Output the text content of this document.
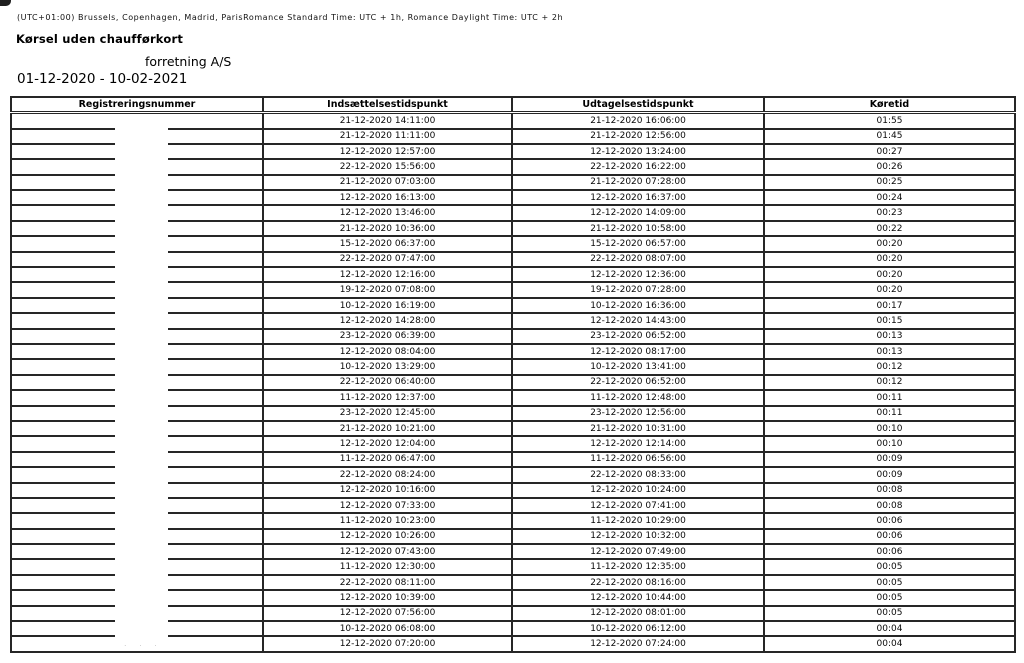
(UTC+01:00) Brussels, Copenhagen, Madrid, ParisRomance Standard Time: UTC + 1h, Romance Daylight Time: UTC + 2h
Kørsel uden chaufførkort
forretning A/S
01-12-2020 - 10-02-2021
Registreringsnummer	Indsættelsestidspunkt	Udtagelsestidspunkt	Køretid
	21-12-2020 14:11:00	21-12-2020 16:06:00	01:55
	21-12-2020 11:11:00	21-12-2020 12:56:00	01:45
	12-12-2020 12:57:00	12-12-2020 13:24:00	00:27
	22-12-2020 15:56:00	22-12-2020 16:22:00	00:26
	21-12-2020 07:03:00	21-12-2020 07:28:00	00:25
	12-12-2020 16:13:00	12-12-2020 16:37:00	00:24
	12-12-2020 13:46:00	12-12-2020 14:09:00	00:23
	21-12-2020 10:36:00	21-12-2020 10:58:00	00:22
	15-12-2020 06:37:00	15-12-2020 06:57:00	00:20
	22-12-2020 07:47:00	22-12-2020 08:07:00	00:20
	12-12-2020 12:16:00	12-12-2020 12:36:00	00:20
	19-12-2020 07:08:00	19-12-2020 07:28:00	00:20
	10-12-2020 16:19:00	10-12-2020 16:36:00	00:17
	12-12-2020 14:28:00	12-12-2020 14:43:00	00:15
	23-12-2020 06:39:00	23-12-2020 06:52:00	00:13
	12-12-2020 08:04:00	12-12-2020 08:17:00	00:13
	10-12-2020 13:29:00	10-12-2020 13:41:00	00:12
	22-12-2020 06:40:00	22-12-2020 06:52:00	00:12
	11-12-2020 12:37:00	11-12-2020 12:48:00	00:11
	23-12-2020 12:45:00	23-12-2020 12:56:00	00:11
	21-12-2020 10:21:00	21-12-2020 10:31:00	00:10
	12-12-2020 12:04:00	12-12-2020 12:14:00	00:10
	11-12-2020 06:47:00	11-12-2020 06:56:00	00:09
	22-12-2020 08:24:00	22-12-2020 08:33:00	00:09
	12-12-2020 10:16:00	12-12-2020 10:24:00	00:08
	12-12-2020 07:33:00	12-12-2020 07:41:00	00:08
	11-12-2020 10:23:00	11-12-2020 10:29:00	00:06
	12-12-2020 10:26:00	12-12-2020 10:32:00	00:06
	12-12-2020 07:43:00	12-12-2020 07:49:00	00:06
	11-12-2020 12:30:00	11-12-2020 12:35:00	00:05
	22-12-2020 08:11:00	22-12-2020 08:16:00	00:05
	12-12-2020 10:39:00	12-12-2020 10:44:00	00:05
	12-12-2020 07:56:00	12-12-2020 08:01:00	00:05
	10-12-2020 06:08:00	10-12-2020 06:12:00	00:04
	12-12-2020 07:20:00	12-12-2020 07:24:00	00:04
. . .
